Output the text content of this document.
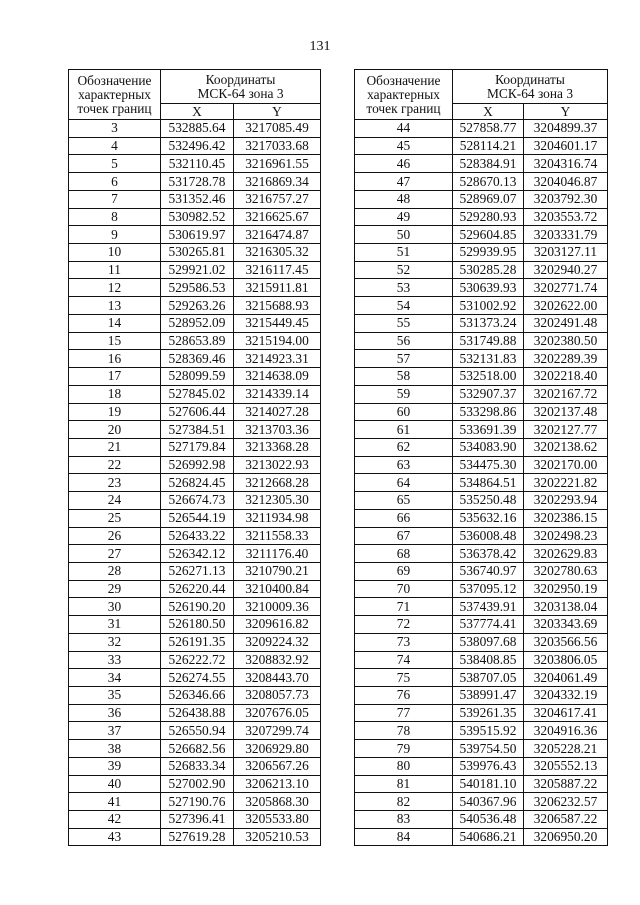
131
Обозначение
характерных
точек границ	Координаты
МСК-64 зона 3	
	X	Y
3	532885.64	3217085.49
4	532496.42	3217033.68
5	532110.45	3216961.55
6	531728.78	3216869.34
7	531352.46	3216757.27
8	530982.52	3216625.67
9	530619.97	3216474.87
10	530265.81	3216305.32
11	529921.02	3216117.45
12	529586.53	3215911.81
13	529263.26	3215688.93
14	528952.09	3215449.45
15	528653.89	3215194.00
16	528369.46	3214923.31
17	528099.59	3214638.09
18	527845.02	3214339.14
19	527606.44	3214027.28
20	527384.51	3213703.36
21	527179.84	3213368.28
22	526992.98	3213022.93
23	526824.45	3212668.28
24	526674.73	3212305.30
25	526544.19	3211934.98
26	526433.22	3211558.33
27	526342.12	3211176.40
28	526271.13	3210790.21
29	526220.44	3210400.84
30	526190.20	3210009.36
31	526180.50	3209616.82
32	526191.35	3209224.32
33	526222.72	3208832.92
34	526274.55	3208443.70
35	526346.66	3208057.73
36	526438.88	3207676.05
37	526550.94	3207299.74
38	526682.56	3206929.80
39	526833.34	3206567.26
40	527002.90	3206213.10
41	527190.76	3205868.30
42	527396.41	3205533.80
43	527619.28	3205210.53
Обозначение
характерных
точек границ	Координаты
МСК-64 зона 3	
	X	Y
44	527858.77	3204899.37
45	528114.21	3204601.17
46	528384.91	3204316.74
47	528670.13	3204046.87
48	528969.07	3203792.30
49	529280.93	3203553.72
50	529604.85	3203331.79
51	529939.95	3203127.11
52	530285.28	3202940.27
53	530639.93	3202771.74
54	531002.92	3202622.00
55	531373.24	3202491.48
56	531749.88	3202380.50
57	532131.83	3202289.39
58	532518.00	3202218.40
59	532907.37	3202167.72
60	533298.86	3202137.48
61	533691.39	3202127.77
62	534083.90	3202138.62
63	534475.30	3202170.00
64	534864.51	3202221.82
65	535250.48	3202293.94
66	535632.16	3202386.15
67	536008.48	3202498.23
68	536378.42	3202629.83
69	536740.97	3202780.63
70	537095.12	3202950.19
71	537439.91	3203138.04
72	537774.41	3203343.69
73	538097.68	3203566.56
74	538408.85	3203806.05
75	538707.05	3204061.49
76	538991.47	3204332.19
77	539261.35	3204617.41
78	539515.92	3204916.36
79	539754.50	3205228.21
80	539976.43	3205552.13
81	540181.10	3205887.22
82	540367.96	3206232.57
83	540536.48	3206587.22
84	540686.21	3206950.20
